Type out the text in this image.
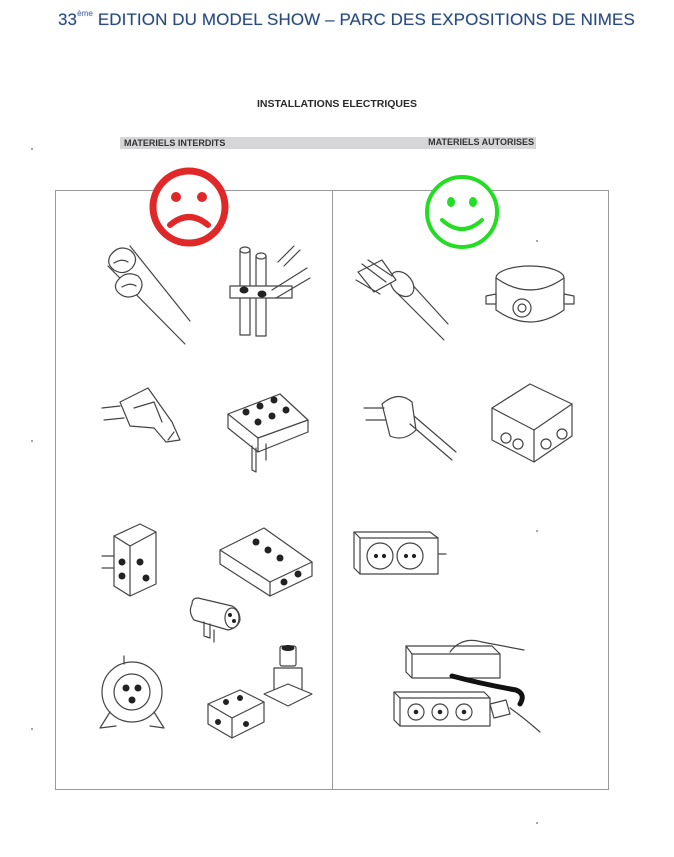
33ème EDITION DU MODEL SHOW – PARC DES EXPOSITIONS DE NIMES
INSTALLATIONS ELECTRIQUES
MATERIELS INTERDITS	MATERIELS AUTORISES
